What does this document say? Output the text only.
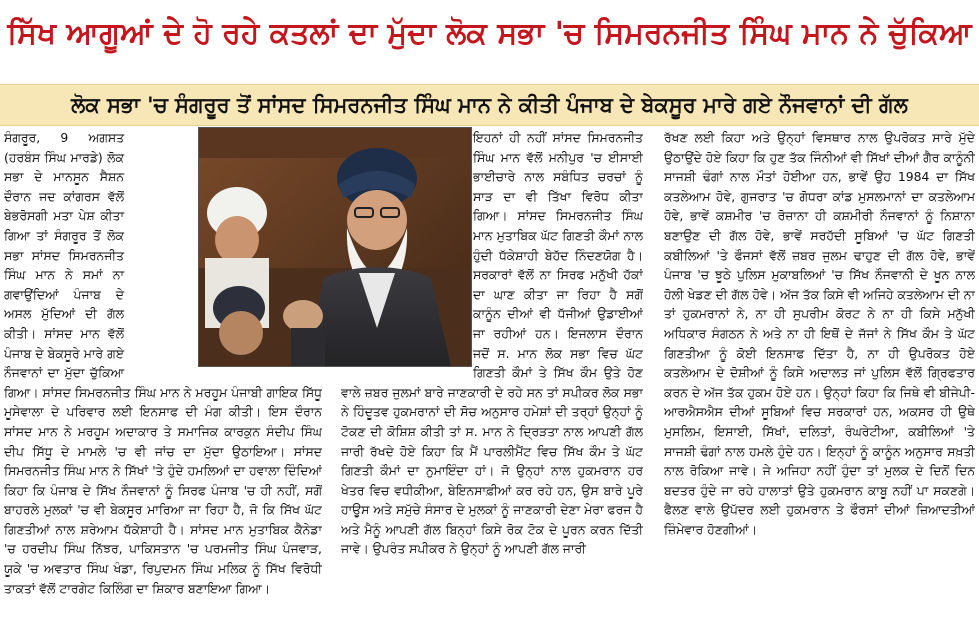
ਸਿੱਖ ਆਗੂਆਂ ਦੇ ਹੋ ਰਹੇ ਕਤਲਾਂ ਦਾ ਮੁੱਦਾ ਲੋਕ ਸਭਾ 'ਚ ਸਿਮਰਨਜੀਤ ਸਿੰਘ ਮਾਨ ਨੇ ਚੁੱਕਿਆ
ਲੋਕ ਸਭਾ 'ਚ ਸੰਗਰੂਰ ਤੋਂ ਸਾਂਸਦ ਸਿਮਰਨਜੀਤ ਸਿੰਘ ਮਾਨ ਨੇ ਕੀਤੀ ਪੰਜਾਬ ਦੇ ਬੇਕਸੂਰ ਮਾਰੇ ਗਏ ਨੌਜਵਾਨਾਂ ਦੀ ਗੱਲ

ਸੰਗਰੂਰ, 9 ਅਗਸਤ (ਹਰਬੰਸ ਸਿੰਘ ਮਾਰਡੇ) ਲੋਕ ਸਭਾ ਦੇ ਮਾਨਸੂਨ ਸੈਸ਼ਨ ਦੌਰਾਨ ਜਦ ਕਾਂਗਰਸ ਵੱਲੋਂ ਬੇਭਰੋਸਗੀ ਮਤਾ ਪੇਸ਼ ਕੀਤਾ ਗਿਆ ਤਾਂ ਸੰਗਰੂਰ ਤੋਂ ਲੋਕ ਸਭਾ ਸਾਂਸਦ ਸਿਮਰਨਜੀਤ ਸਿੰਘ ਮਾਨ ਨੇ ਸਮਾਂ ਨਾ ਗਵਾਉਂਦਿਆਂ ਪੰਜਾਬ ਦੇ ਅਸਲ ਮੁੱਦਿਆਂ ਦੀ ਗੱਲ ਕੀਤੀ। ਸਾਂਸਦ ਮਾਨ ਵੱਲੋਂ ਪੰਜਾਬ ਦੇ ਬੇਕਸੂਰੇ ਮਾਰੇ ਗਏ ਨੌਜਵਾਨਾਂ ਦਾ ਮੁੱਦਾ ਚੁੱਕਿਆ ਗਿਆ। ਸਾਂਸਦ ਸਿਮਰਨਜੀਤ ਸਿੰਘ ਮਾਨ ਨੇ ਮਰਹੂਮ ਪੰਜਾਬੀ ਗਾਇਕ ਸਿੱਧੂ ਮੂਸੇਵਾਲਾ ਦੇ ਪਰਿਵਾਰ ਲਈ ਇਨਸਾਫ ਦੀ ਮੰਗ ਕੀਤੀ। ਇਸ ਦੌਰਾਨ ਸਾਂਸਦ ਮਾਨ ਨੇ ਮਰਹੂਮ ਅਦਾਕਾਰ ਤੇ ਸਮਾਜਿਕ ਕਾਰਕੁਨ ਸੰਦੀਪ ਸਿੰਘ ਦੀਪ ਸਿੱਧੂ ਦੇ ਮਾਮਲੇ 'ਚ ਵੀ ਜਾਂਚ ਦਾ ਮੁੱਦਾ ਉਠਾਇਆ। ਸਾਂਸਦ ਸਿਮਰਨਜੀਤ ਸਿੰਘ ਮਾਨ ਨੇ ਸਿੱਖਾਂ 'ਤੇ ਹੁੰਦੇ ਹਮਲਿਆਂ ਦਾ ਹਵਾਲਾ ਦਿੰਦਿਆਂ ਕਿਹਾ ਕਿ ਪੰਜਾਬ ਦੇ ਸਿੱਖ ਨੌਜਵਾਨਾਂ ਨੂੰ ਸਿਰਫ ਪੰਜਾਬ 'ਚ ਹੀ ਨਹੀਂ, ਸਗੋਂ ਬਾਹਰਲੇ ਮੁਲਕਾਂ 'ਚ ਵੀ ਬੇਕਸੂਰ ਮਾਰਿਆ ਜਾ ਰਿਹਾ ਹੈ, ਜੋ ਕਿ ਸਿੱਖ ਘੱਟ ਗਿਣਤੀਆਂ ਨਾਲ ਸ਼ਰੇਆਮ ਧੱਕੇਸ਼ਾਹੀ ਹੈ। ਸਾਂਸਦ ਮਾਨ ਮੁਤਾਬਿਕ ਕੈਨੇਡਾ 'ਚ ਹਰਦੀਪ ਸਿੰਘ ਨਿੱਝਰ, ਪਾਕਿਸਤਾਨ 'ਚ ਪਰਮਜੀਤ ਸਿੰਘ ਪੰਜਵਾੜ, ਯੂਕੇ 'ਚ ਅਵਤਾਰ ਸਿੰਘ ਖੰਡਾ, ਰਿਪੁਦਮਨ ਸਿੰਘ ਮਲਿਕ ਨੂੰ ਸਿੱਖ ਵਿਰੋਧੀ ਤਾਕਤਾਂ ਵੱਲੋਂ ਟਾਰਗੇਟ ਕਿਲਿੰਗ ਦਾ ਸ਼ਿਕਾਰ ਬਣਾਇਆ ਗਿਆ।

ਇਹਨਾਂ ਹੀ ਨਹੀਂ ਸਾਂਸਦ ਸਿਮਰਨਜੀਤ ਸਿੰਘ ਮਾਨ ਵੱਲੋਂ ਮਨੀਪੁਰ 'ਚ ਈਸਾਈ ਭਾਈਚਾਰੇ ਨਾਲ ਸਬੰਧਿਤ ਚਰਚਾਂ ਨੂੰ ਸਾੜ ਦਾ ਵੀ ਤਿੱਖਾ ਵਿਰੋਧ ਕੀਤਾ ਗਿਆ। ਸਾਂਸਦ ਸਿਮਰਨਜੀਤ ਸਿੰਘ ਮਾਨ ਮੁਤਾਬਿਕ ਘੱਟ ਗਿਣਤੀ ਕੌਮਾਂ ਨਾਲ ਹੁੰਦੀ ਧੱਕੇਸ਼ਾਹੀ ਬੇਹੱਦ ਨਿੰਦਣਯੋਗ ਹੈ। ਸਰਕਾਰਾਂ ਵੱਲੋਂ ਨਾ ਸਿਰਫ ਮਨੁੱਖੀ ਹੱਕਾਂ ਦਾ ਘਾਣ ਕੀਤਾ ਜਾ ਰਿਹਾ ਹੈ ਸਗੋਂ ਕਾਨੂੰਨ ਦੀਆਂ ਵੀ ਧੱਜੀਆਂ ਉਡਾਈਆਂ ਜਾ ਰਹੀਆਂ ਹਨ। ਇਜਲਾਸ ਦੌਰਾਨ ਜਦੋਂ ਸ. ਮਾਨ ਲੋਕ ਸਭਾ ਵਿਚ ਘੱਟ ਗਿਣਤੀ ਕੌਮਾਂ ਤੇ ਸਿੱਖ ਕੌਮ ਉਤੇ ਹੋਣ ਵਾਲੇ ਜ਼ਬਰ ਜੁਲਮਾਂ ਬਾਰੇ ਜਾਣਕਾਰੀ ਦੇ ਰਹੇ ਸਨ ਤਾਂ ਸਪੀਕਰ ਲੋਕ ਸਭਾ ਨੇ ਹਿੰਦੂਤਵ ਹੁਕਮਰਾਨਾਂ ਦੀ ਸੋਚ ਅਨੁਸਾਰ ਹਮੇਸ਼ਾਂ ਦੀ ਤਰ੍ਹਾਂ ਉਨ੍ਹਾਂ ਨੂੰ ਟੋਕਣ ਦੀ ਕੋਸ਼ਿਸ਼ ਕੀਤੀ ਤਾਂ ਸ. ਮਾਨ ਨੇ ਦ੍ਰਿੜਤਾ ਨਾਲ ਆਪਣੀ ਗੱਲ ਜਾਰੀ ਰੱਖਦੇ ਹੋਏ ਕਿਹਾ ਕਿ ਮੈਂ ਪਾਰਲੀਮੈਂਟ ਵਿਚ ਸਿੱਖ ਕੌਮ ਤੇ ਘੱਟ ਗਿਣਤੀ ਕੌਮਾਂ ਦਾ ਨੁਮਾਇੰਦਾ ਹਾਂ। ਜੋ ਉਨ੍ਹਾਂ ਨਾਲ ਹੁਕਮਰਾਨ ਹਰ ਖੇਤਰ ਵਿਚ ਵਧੀਕੀਆ, ਬੇਇਨਸਾਫ਼ੀਆਂ ਕਰ ਰਹੇ ਹਨ, ਉਸ ਬਾਰੇ ਪੂਰੇ ਹਾਊਸ ਅਤੇ ਸਮੁੱਚੇ ਸੰਸਾਰ ਦੇ ਮੁਲਕਾਂ ਨੂੰ ਜਾਣਕਾਰੀ ਦੇਣਾ ਮੇਰਾ ਫਰਜ ਹੈ ਅਤੇ ਮੈਨੂੰ ਆਪਣੀ ਗੱਲ ਬਿਨ੍ਹਾਂ ਕਿਸੇ ਰੋਕ ਟੋਕ ਦੇ ਪੂਰਨ ਕਰਨ ਦਿੱਤੀ ਜਾਵੇ। ਉਪਰੰਤ ਸਪੀਕਰ ਨੇ ਉਨ੍ਹਾਂ ਨੂੰ ਆਪਣੀ ਗੱਲ ਜਾਰੀ

ਰੱਖਣ ਲਈ ਕਿਹਾ ਅਤੇ ਉਨ੍ਹਾਂ ਵਿਸਥਾਰ ਨਾਲ ਉਪਰੋਕਤ ਸਾਰੇ ਮੁੱਦੇ ਉਠਾਉਂਦੇ ਹੋਏ ਕਿਹਾ ਕਿ ਹੁਣ ਤੱਕ ਜਿੰਨੀਆਂ ਵੀ ਸਿੱਖਾਂ ਦੀਆਂ ਗੈਰ ਕਾਨੂੰਨੀ ਸਾਜਸ਼ੀ ਢੰਗਾਂ ਨਾਲ ਮੌਤਾਂ ਹੋਈਆ ਹਨ, ਭਾਵੇਂ ਉਹ 1984 ਦਾ ਸਿੱਖ ਕਤਲੇਆਮ ਹੋਵੇ, ਗੁਜਰਾਤ 'ਚ ਗੋਧਰਾ ਕਾਂਡ ਮੁਸਲਮਾਨਾਂ ਦਾ ਕਤਲੇਆਮ ਹੋਵੇ, ਭਾਵੇਂ ਕਸ਼ਮੀਰ 'ਚ ਰੋਜ਼ਾਨਾ ਹੀ ਕਸ਼ਮੀਰੀ ਨੌਜਵਾਨਾਂ ਨੂੰ ਨਿਸ਼ਾਨਾ ਬਣਾਉਣ ਦੀ ਗੱਲ ਹੋਵੇ, ਭਾਵੇਂ ਸਰਹੱਦੀ ਸੂਬਿਆਂ 'ਚ ਘੱਟ ਗਿਣਤੀ ਕਬੀਲਿਆਂ 'ਤੇ ਫੌਜਸਾਂ ਵੱਲੋਂ ਜ਼ਬਰ ਜੁਲਮ ਢਾਹੁਣ ਦੀ ਗੱਲ ਹੋਵੇ, ਭਾਵੇਂ ਪੰਜਾਬ 'ਚ ਝੂਠੇ ਪੁਲਿਸ ਮੁਕਾਬਲਿਆਂ 'ਚ ਸਿੱਖ ਨੌਜਵਾਨੀ ਦੇ ਖੂਨ ਨਾਲ ਹੋਲੀ ਖੇਡਣ ਦੀ ਗੱਲ ਹੋਵੇ। ਅੱਜ ਤੱਕ ਕਿਸੇ ਵੀ ਅਜਿਹੇ ਕਤਲੇਆਮ ਦੀ ਨਾ ਤਾਂ ਹੁਕਮਰਾਨਾਂ ਨੇ, ਨਾ ਹੀ ਸੁਪਰੀਮ ਕੋਰਟ ਨੇ ਨਾ ਹੀ ਕਿਸੇ ਮਨੁੱਖੀ ਅਧਿਕਾਰ ਸੰਗਠਨ ਨੇ ਅਤੇ ਨਾ ਹੀ ਇਥੋਂ ਦੇ ਜੱਜਾਂ ਨੇ ਸਿੱਖ ਕੌਮ ਤੇ ਘੱਟ ਗਿਣਤੀਆ ਨੂੰ ਕੋਈ ਇਨਸਾਫ ਦਿੱਤਾ ਹੈ, ਨਾ ਹੀ ਉਪਰੋਕਤ ਹੋਏ ਕਤਲੇਆਮ ਦੇ ਦੋਸ਼ੀਆਂ ਨੂੰ ਕਿਸੇ ਅਦਾਲਤ ਜਾਂ ਪੁਲਿਸ ਵੱਲੋਂ ਗ੍ਰਿਫਤਾਰ ਕਰਨ ਦੇ ਅੱਜ ਤੱਕ ਹੁਕਮ ਹੋਏ ਹਨ। ਉਨ੍ਹਾਂ ਕਿਹਾ ਕਿ ਜਿਥੇ ਵੀ ਬੀਜੇਪੀ-ਆਰਐਸਐਸ ਦੀਆਂ ਸੂਬਿਆਂ ਵਿਚ ਸਰਕਾਰਾਂ ਹਨ, ਅਕਸਰ ਹੀ ਉਥੇ ਮੁਸਲਿਮ, ਇਸਾਈ, ਸਿੱਖਾਂ, ਦਲਿਤਾਂ, ਰੰਘਰੇਟੀਆ, ਕਬੀਲਿਆਂ 'ਤੇ ਸਾਜਸ਼ੀ ਢੰਗਾਂ ਨਾਲ ਹਮਲੇ ਹੁੰਦੇ ਹਨ। ਇਨ੍ਹਾਂ ਨੂੰ ਕਾਨੂੰਨ ਅਨੁਸਾਰ ਸਖ਼ਤੀ ਨਾਲ ਰੋਕਿਆ ਜਾਵੇ। ਜੇ ਅਜਿਹਾ ਨਹੀਂ ਹੁੰਦਾ ਤਾਂ ਮੁਲਕ ਦੇ ਦਿਨੋਂ ਦਿਨ ਬਦਤਰ ਹੁੰਦੇ ਜਾ ਰਹੇ ਹਾਲਾਤਾਂ ਉਤੇ ਹੁਕਮਰਾਨ ਕਾਬੂ ਨਹੀਂ ਪਾ ਸਕਣਗੇ। ਫੈਲਣ ਵਾਲੇ ਉਪੱਦਰ ਲਈ ਹੁਕਮਰਾਨ ਤੇ ਫੌਰਸਾਂ ਦੀਆਂ ਜ਼ਿਆਦਤੀਆਂ ਜ਼ਿੰਮੇਵਾਰ ਹੋਣਗੀਆਂ।
